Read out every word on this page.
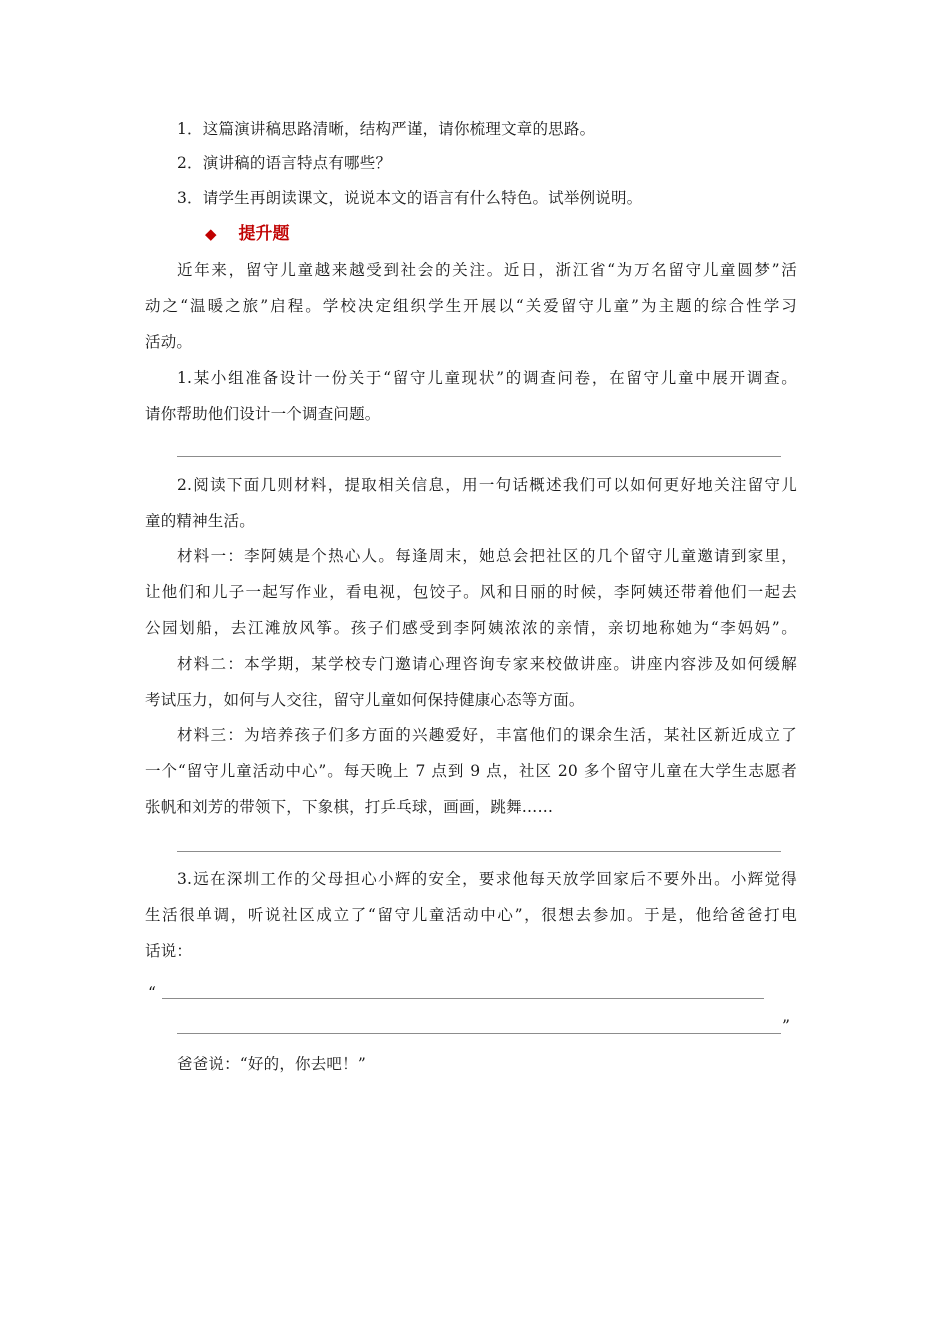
1．这篇演讲稿思路清晰，结构严谨，请你梳理文章的思路。
2．演讲稿的语言特点有哪些？
3．请学生再朗读课文，说说本文的语言有什么特色。试举例说明。
◆ 提升题
近年来，留守儿童越来越受到社会的关注。近日，浙江省“为万名留守儿童圆梦”活
动之“温暖之旅”启程。学校决定组织学生开展以“关爱留守儿童”为主题的综合性学习
活动。
1.某小组准备设计一份关于“留守儿童现状”的调查问卷，在留守儿童中展开调查。
请你帮助他们设计一个调查问题。
2.阅读下面几则材料，提取相关信息，用一句话概述我们可以如何更好地关注留守儿
童的精神生活。
材料一：李阿姨是个热心人。每逢周末，她总会把社区的几个留守儿童邀请到家里，
让他们和儿子一起写作业，看电视，包饺子。风和日丽的时候，李阿姨还带着他们一起去
公园划船，去江滩放风筝。孩子们感受到李阿姨浓浓的亲情，亲切地称她为“李妈妈”。
材料二：本学期，某学校专门邀请心理咨询专家来校做讲座。讲座内容涉及如何缓解
考试压力，如何与人交往，留守儿童如何保持健康心态等方面。
材料三：为培养孩子们多方面的兴趣爱好，丰富他们的课余生活，某社区新近成立了
一个“留守儿童活动中心”。每天晚上 7 点到 9 点，社区 20 多个留守儿童在大学生志愿者
张帆和刘芳的带领下，下象棋，打乒乓球，画画，跳舞……
3.远在深圳工作的父母担心小辉的安全，要求他每天放学回家后不要外出。小辉觉得
生活很单调，听说社区成立了“留守儿童活动中心”，很想去参加。于是，他给爸爸打电
话说：
“
”
爸爸说：“好的，你去吧！”
